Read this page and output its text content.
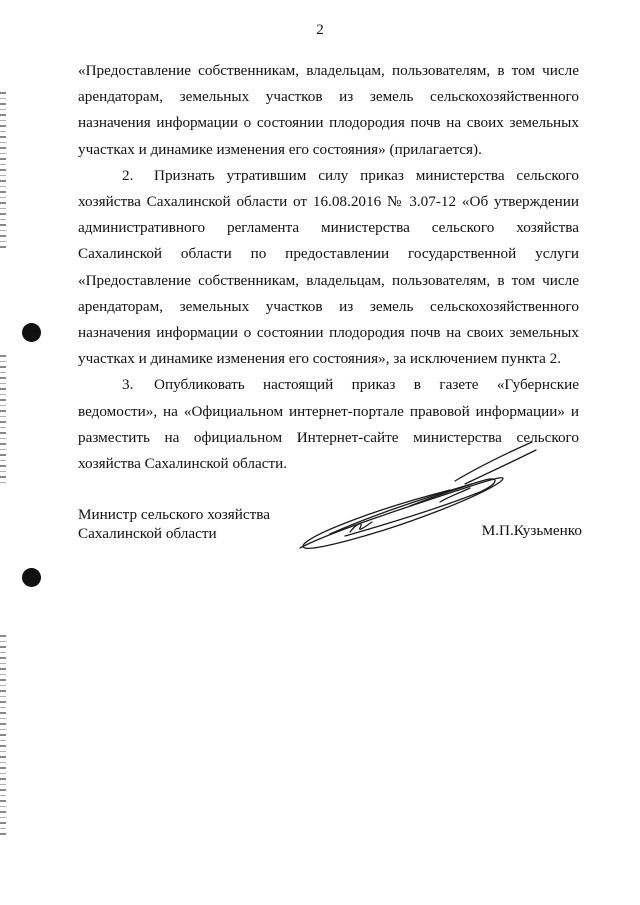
2

«Предоставление собственникам, владельцам, пользователям, в том числе арендаторам, земельных участков из земель сельскохозяйственного назначения информации о состоянии плодородия почв на своих земельных участках и динамике изменения его состояния» (прилагается).

2. Признать утратившим силу приказ министерства сельского хозяйства Сахалинской области от 16.08.2016 № 3.07-12 «Об утверждении административного регламента министерства сельского хозяйства Сахалинской области по предоставлении государственной услуги «Предоставление собственникам, владельцам, пользователям, в том числе арендаторам, земельных участков из земель сельскохозяйственного назначения информации о состоянии плодородия почв на своих земельных участках и динамике изменения его состояния», за исключением пункта 2.

3. Опубликовать настоящий приказ в газете «Губернские ведомости», на «Официальном интернет-портале правовой информации» и разместить на официальном Интернет-сайте министерства сельского хозяйства Сахалинской области.

Министр сельского хозяйства
Сахалинской области	М.П.Кузьменко
